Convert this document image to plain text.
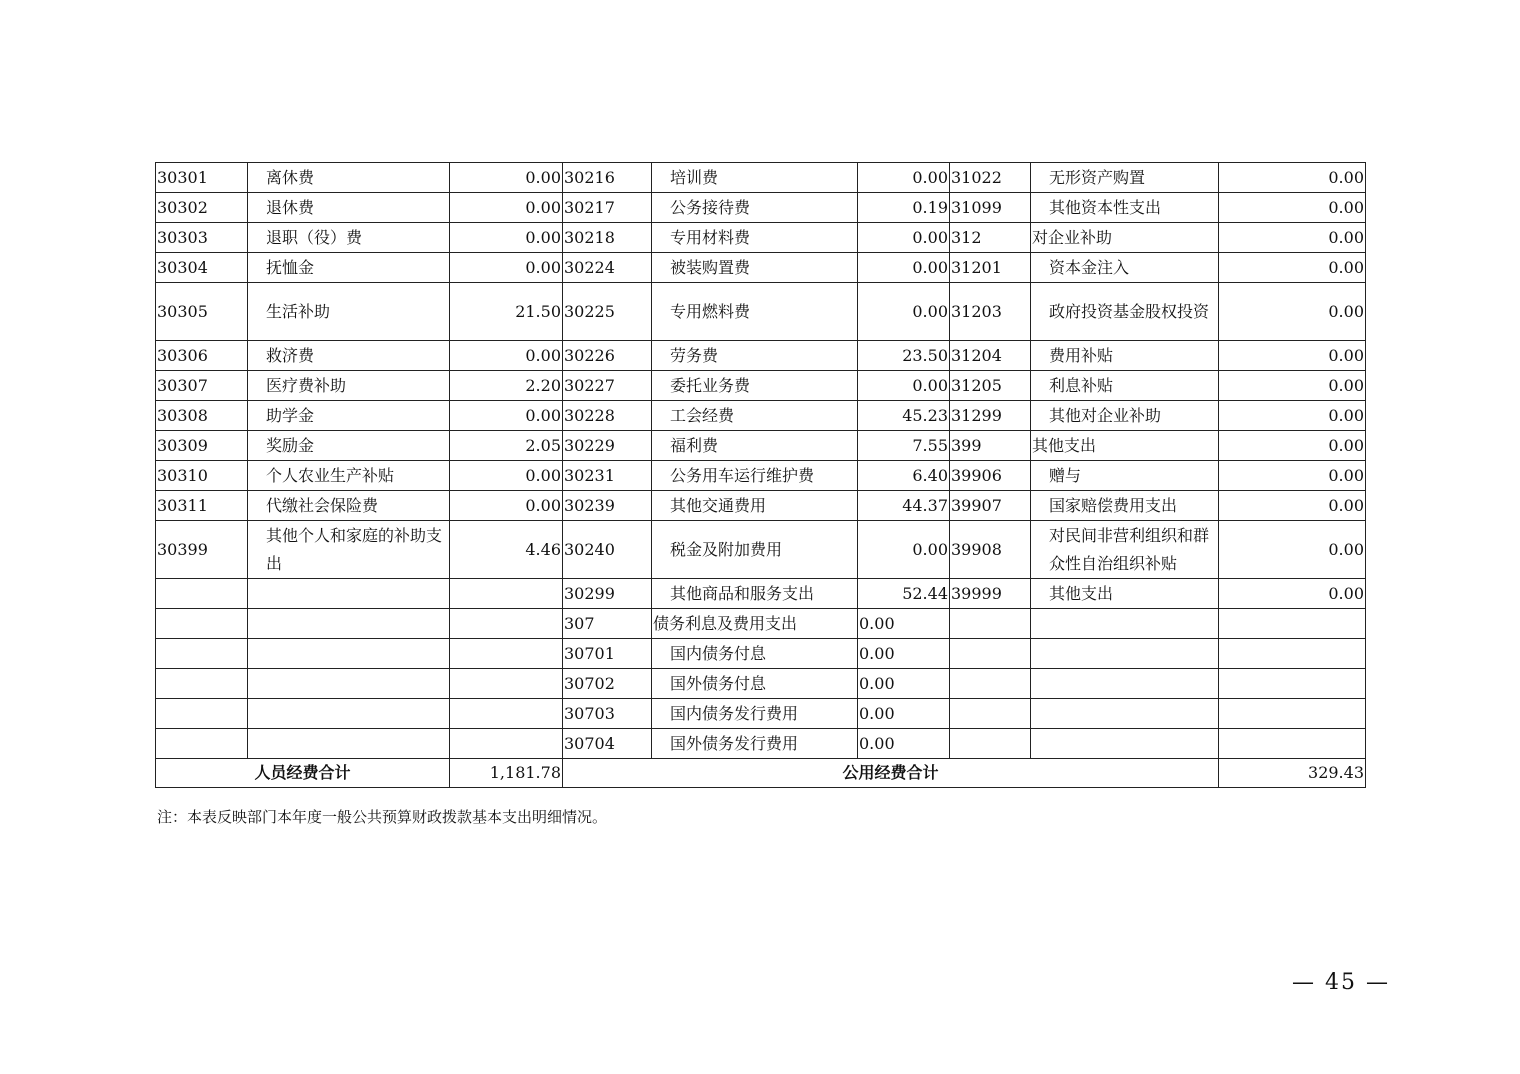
30301	离休费	0.00	30216	培训费	0.00	31022	无形资产购置	0.00
30302	退休费	0.00	30217	公务接待费	0.19	31099	其他资本性支出	0.00
30303	退职（役）费	0.00	30218	专用材料费	0.00	312	对企业补助	0.00
30304	抚恤金	0.00	30224	被装购置费	0.00	31201	资本金注入	0.00
30305	生活补助	21.50	30225	专用燃料费	0.00	31203	政府投资基金股权投资	0.00
30306	救济费	0.00	30226	劳务费	23.50	31204	费用补贴	0.00
30307	医疗费补助	2.20	30227	委托业务费	0.00	31205	利息补贴	0.00
30308	助学金	0.00	30228	工会经费	45.23	31299	其他对企业补助	0.00
30309	奖励金	2.05	30229	福利费	7.55	399	其他支出	0.00
30310	个人农业生产补贴	0.00	30231	公务用车运行维护费	6.40	39906	赠与	0.00
30311	代缴社会保险费	0.00	30239	其他交通费用	44.37	39907	国家赔偿费用支出	0.00
30399	其他个人和家庭的补助支出	4.46	30240	税金及附加费用	0.00	39908	对民间非营利组织和群众性自治组织补贴	0.00
			30299	其他商品和服务支出	52.44	39999	其他支出	0.00
			307	债务利息及费用支出	0.00			
			30701	国内债务付息	0.00			
			30702	国外债务付息	0.00			
			30703	国内债务发行费用	0.00			
			30704	国外债务发行费用	0.00			
人员经费合计		1,181.78	公用经费合计					329.43
注：本表反映部门本年度一般公共预算财政拨款基本支出明细情况。
— 45 —
